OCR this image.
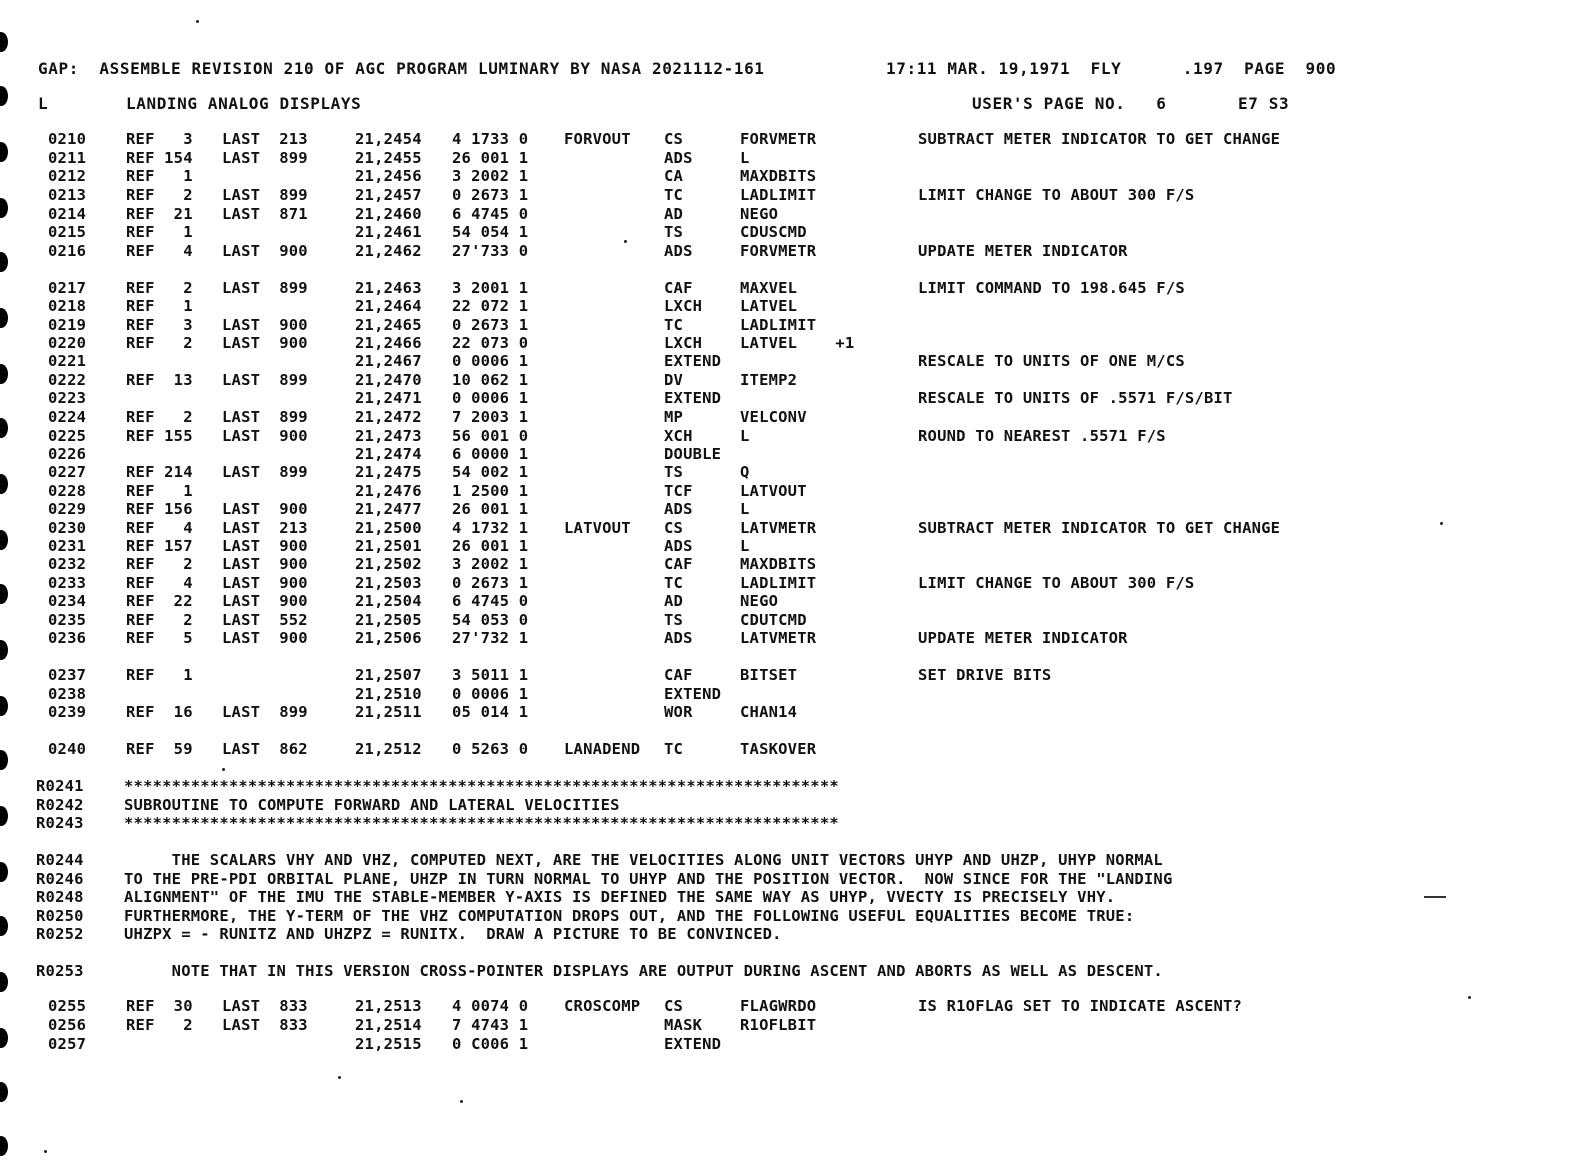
GAP:  ASSEMBLE REVISION 210 OF AGC PROGRAM LUMINARY BY NASA 2021112-161	17:11 MAR. 19,1971  FLY      .197  PAGE  900
L	LANDING ANALOG DISPLAYS	USER'S PAGE NO.   6       E7 S3
0210	REF   3 LAST  213	21,2454 4 1733 0 FORVOUT CS	FORVMETR	SUBTRACT METER INDICATOR TO GET CHANGE
0211	REF 154 LAST  899	21,2455 26 001 1	ADS	L
0212	REF   1	21,2456 3 2002 1	CA	MAXDBITS
0213	REF   2 LAST  899	21,2457 0 2673 1	TC	LADLIMIT	LIMIT CHANGE TO ABOUT 300 F/S
0214	REF  21 LAST  871	21,2460 6 4745 0	AD	NEGO
0215	REF   1	21,2461 54 054 1	TS	CDUSCMD
0216	REF   4 LAST  900	21,2462 27'733 0	ADS	FORVMETR	UPDATE METER INDICATOR
0217	REF   2 LAST  899	21,2463 3 2001 1	CAF	MAXVEL	LIMIT COMMAND TO 198.645 F/S
0218	REF   1	21,2464 22 072 1	LXCH LATVEL
0219	REF   3 LAST  900	21,2465 0 2673 1	TC	LADLIMIT
0220	REF   2 LAST  900	21,2466 22 073 0	LXCH LATVEL    +1
0221	21,2467 0 0006 1	EXTEND	RESCALE TO UNITS OF ONE M/CS
0222	REF  13 LAST  899	21,2470 10 062 1	DV	ITEMP2
0223	21,2471 0 0006 1	EXTEND	RESCALE TO UNITS OF .5571 F/S/BIT
0224	REF   2 LAST  899	21,2472 7 2003 1	MP	VELCONV
0225	REF 155 LAST  900	21,2473 56 001 0	XCH	L	ROUND TO NEAREST .5571 F/S
0226	21,2474 6 0000 1	DOUBLE
0227	REF 214 LAST  899	21,2475 54 002 1	TS	Q
0228	REF   1	21,2476 1 2500 1	TCF	LATVOUT
0229	REF 156 LAST  900	21,2477 26 001 1	ADS	L
0230	REF   4 LAST  213	21,2500 4 1732 1 LATVOUT CS	LATVMETR	SUBTRACT METER INDICATOR TO GET CHANGE
0231	REF 157 LAST  900	21,2501 26 001 1	ADS	L
0232	REF   2 LAST  900	21,2502 3 2002 1	CAF	MAXDBITS
0233	REF   4 LAST  900	21,2503 0 2673 1	TC	LADLIMIT	LIMIT CHANGE TO ABOUT 300 F/S
0234	REF  22 LAST  900	21,2504 6 4745 0	AD	NEGO
0235	REF   2 LAST  552	21,2505 54 053 0	TS	CDUTCMD
0236	REF   5 LAST  900	21,2506 27'732 1	ADS	LATVMETR	UPDATE METER INDICATOR
0237	REF   1	21,2507 3 5011 1	CAF	BITSET	SET DRIVE BITS
0238	21,2510 0 0006 1	EXTEND
0239	REF  16 LAST  899	21,2511 05 014 1	WOR	CHAN14
0240	REF  59 LAST  862	21,2512 0 5263 0 LANADEND TC	TASKOVER
0255	REF  30 LAST  833	21,2513 4 0074 0 CROSCOMP CS	FLAGWRDO	IS R1OFLAG SET TO INDICATE ASCENT?
0256	REF   2 LAST  833	21,2514 7 4743 1	MASK R1OFLBIT
0257	21,2515 0 C006 1	EXTEND
R0241	***************************************************************************
R0242	SUBROUTINE TO COMPUTE FORWARD AND LATERAL VELOCITIES
R0243	***************************************************************************
R0244	THE SCALARS VHY AND VHZ, COMPUTED NEXT, ARE THE VELOCITIES ALONG UNIT VECTORS UHYP AND UHZP, UHYP NORMAL
R0246	TO THE PRE-PDI ORBITAL PLANE, UHZP IN TURN NORMAL TO UHYP AND THE POSITION VECTOR.  NOW SINCE FOR THE "LANDING
R0248	ALIGNMENT" OF THE IMU THE STABLE-MEMBER Y-AXIS IS DEFINED THE SAME WAY AS UHYP, VVECTY IS PRECISELY VHY.
R0250	FURTHERMORE, THE Y-TERM OF THE VHZ COMPUTATION DROPS OUT, AND THE FOLLOWING USEFUL EQUALITIES BECOME TRUE:
R0252	UHZPX = - RUNITZ AND UHZPZ = RUNITX.  DRAW A PICTURE TO BE CONVINCED.
R0253	NOTE THAT IN THIS VERSION CROSS-POINTER DISPLAYS ARE OUTPUT DURING ASCENT AND ABORTS AS WELL AS DESCENT.
